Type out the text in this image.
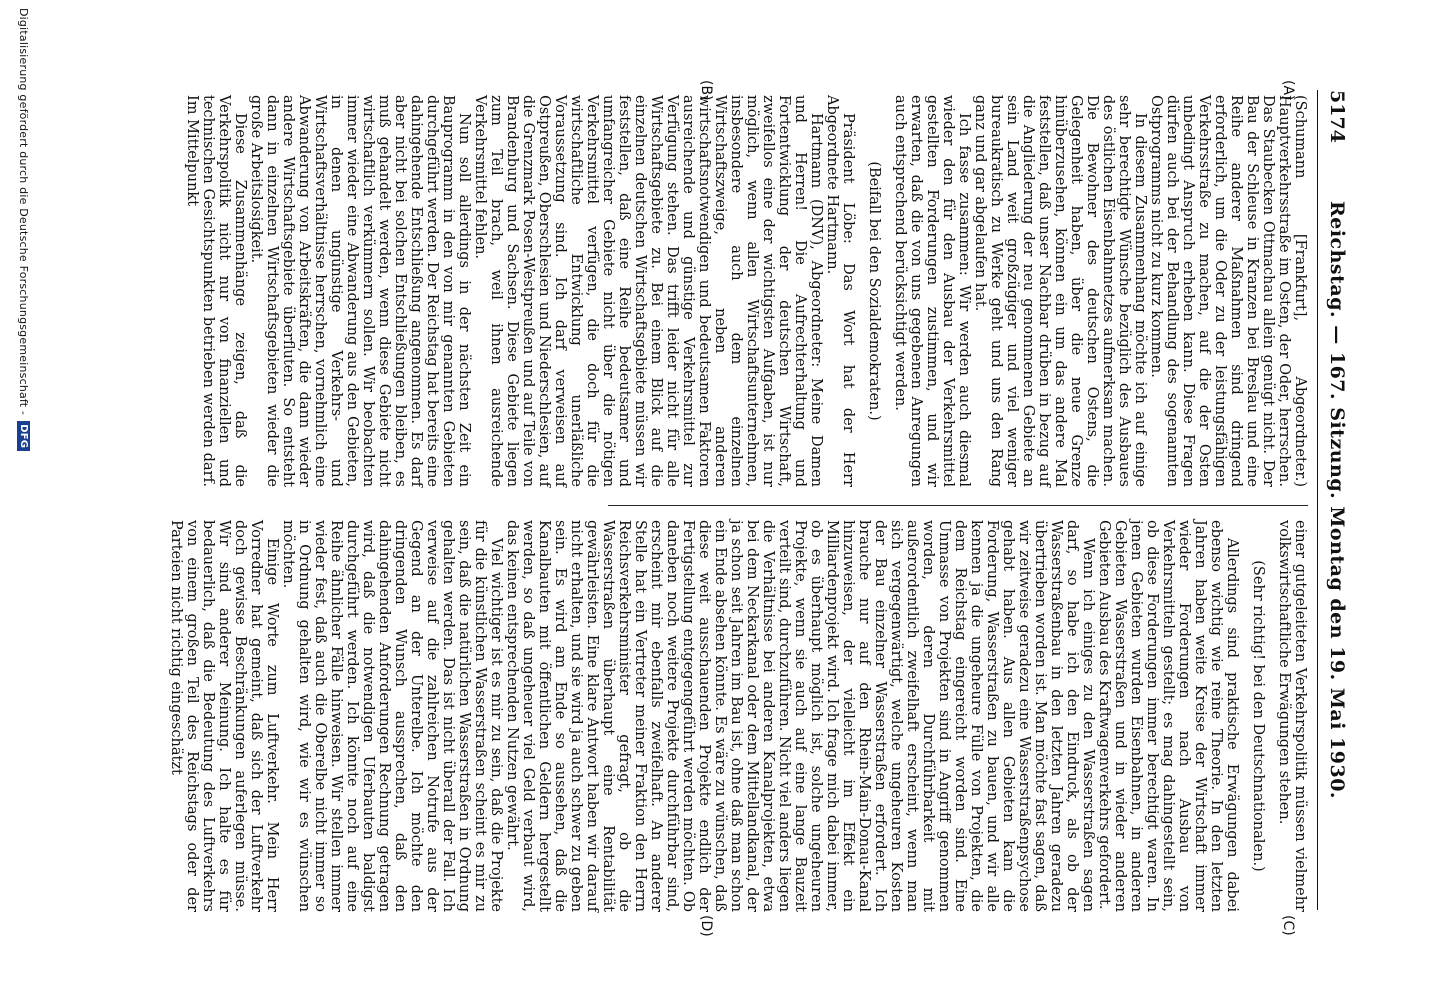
5174
Reichstag. — 167. Sitzung. Montag den 19. Mai 1930.
(A)
(B)
(C)
(D)

(Schumann [Frankfurt], Abgeordneter.) Hauptverkehrsstraße im Osten, der Oder, herrschen. Das Staubecken Ottmachau allein genügt nicht. Der Bau der Schleuse in Kranzen bei Breslau und eine Reihe anderer Maßnahmen sind dringend erforderlich, um die Oder zu der leistungsfähigen Verkehrsstraße zu machen, auf die der Osten unbedingt Anspruch erheben kann. Diese Fragen dürfen auch bei der Behandlung des sogenannten Ostprogramms nicht zu kurz kommen.

In diesem Zusammenhang möchte ich auf einige sehr berechtigte Wünsche bezüglich des Ausbaues des östlichen Eisenbahnnetzes aufmerksam machen. Die Bewohner des deutschen Ostens, die Gelegenheit haben, über die neue Grenze hinüberzusehen, können ein um das andere Mal feststellen, daß unser Nachbar drüben in bezug auf die Angliederung der neu genommenen Gebiete an sein Land weit großzügiger und viel weniger bureaukratisch zu Werke geht und uns den Rang ganz und gar abgelaufen hat.

Ich fasse zusammen: Wir werden auch diesmal wieder den für den Ausbau der Verkehrsmittel gestellten Forderungen zustimmen, und wir erwarten, daß die von uns gegebenen Anregungen auch entsprechend berücksichtigt werden.

(Beifall bei den Sozialdemokraten.)

Präsident Löbe: Das Wort hat der Herr Abgeordnete Hartmann.

Hartmann (DNV), Abgeordneter: Meine Damen und Herren! Die Aufrechterhaltung und Fortentwicklung der deutschen Wirtschaft, zweifellos eine der wichtigsten Aufgaben, ist nur möglich, wenn allen Wirtschaftsunternehmen, insbesondere auch dem einzelnen Wirtschaftszweige, neben anderen wirtschaftsnotwendigen und bedeutsamen Faktoren ausreichende und günstige Verkehrsmittel zur Verfügung stehen. Das trifft leider nicht für alle Wirtschaftsgebiete zu. Bei einem Blick auf die einzelnen deutschen Wirtschaftsgebiete müssen wir feststellen, daß eine Reihe bedeutsamer und umfangreicher Gebiete nicht über die nötigen Verkehrsmittel verfügen, die doch für die wirtschaftliche Entwicklung unerläßliche Voraussetzung sind. Ich darf verweisen auf Ostpreußen, Oberschlesien und Niederschlesien, auf die Grenzmark Posen-Westpreußen und auf Teile von Brandenburg und Sachsen. Diese Gebiete liegen zum Teil brach, weil ihnen ausreichende Verkehrsmittel fehlen.

Nun soll allerdings in der nächsten Zeit ein Bauprogramm in den von mir genannten Gebieten durchgeführt werden. Der Reichstag hat bereits eine dahingehende Entschließung angenommen. Es darf aber nicht bei solchen Entschließungen bleiben, es muß gehandelt werden, wenn diese Gebiete nicht wirtschaftlich verkümmern sollen. Wir beobachten immer wieder eine Abwanderung aus den Gebieten, in denen ungünstige Verkehrs- und Wirtschaftsverhältnisse herrschen, vornehmlich eine Abwanderung von Arbeitskräften, die dann wieder andere Wirtschaftsgebiete überfluten. So entsteht dann in einzelnen Wirtschaftsgebieten wieder die große Arbeitslosigkeit.

Diese Zusammenhänge zeigen, daß die Verkehrspolitik nicht nur von finanziellen und technischen Gesichtspunkten betrieben werden darf. Im Mittelpunkt

einer gutgeleiteten Verkehrspolitik müssen vielmehr volkswirtschaftliche Erwägungen stehen.

(Sehr richtig! bei den Deutschnationalen.)

Allerdings sind praktische Erwägungen dabei ebenso wichtig wie reine Theorie. In den letzten Jahren haben weite Kreise der Wirtschaft immer wieder Forderungen nach Ausbau von Verkehrsmitteln gestellt; es mag dahingestellt sein, ob diese Forderungen immer berechtigt waren. In jenen Gebieten wurden Eisenbahnen, in anderen Gebieten Wasserstraßen und in wieder anderen Gebieten Ausbau des Kraftwagenverkehrs gefordert.

Wenn ich einiges zu den Wasserstraßen sagen darf, so habe ich den Eindruck, als ob der Wasserstraßenbau in den letzten Jahren geradezu übertrieben worden ist. Man möchte fast sagen, daß wir zeitweise geradezu eine Wasserstraßenpsychose gehabt haben. Aus allen Gebieten kam die Forderung, Wasserstraßen zu bauen, und wir alle kennen ja die ungeheure Fülle von Projekten, die dem Reichstag eingereicht worden sind. Eine Unmasse von Projekten sind in Angriff genommen worden, deren Durchführbarkeit mit außerordentlich zweifelhaft erscheint, wenn man sich vergegenwärtigt, welche ungeheuren Kosten der Bau einzelner Wasserstraßen erfordert. Ich brauche nur auf den Rhein-Main-Donau-Kanal hinzuweisen, der vielleicht im Effekt ein Milliardenprojekt wird. Ich frage mich dabei immer, ob es überhaupt möglich ist, solche ungeheuren Projekte, wenn sie auch auf eine lange Bauzeit verteilt sind, durchzuführen. Nicht viel anders liegen die Verhältnisse bei anderen Kanalprojekten, etwa bei dem Neckarkanal oder dem Mittellandkanal, der ja schon seit Jahren im Bau ist, ohne daß man schon ein Ende absehen könnte. Es wäre zu wünschen, daß diese weit ausschauenden Projekte endlich der Fertigstellung entgegengeführt werden möchten. Ob daneben noch weitere Projekte durchführbar sind, erscheint mir ebenfalls zweifelhaft. An anderer Stelle hat ein Vertreter meiner Fraktion den Herrn Reichsverkehrsminister gefragt, ob die Wasserstraßen überhaupt eine Rentabilität gewährleisten. Eine klare Antwort haben wir darauf nicht erhalten, und sie wird ja auch schwer zu geben sein. Es wird am Ende so aussehen, daß die Kanalbauten mit öffentlichen Geldern hergestellt werden, so daß ungeheuer viel Geld verbaut wird, das keinen entsprechenden Nutzen gewährt.

Viel wichtiger ist es mir zu sein, daß die Projekte für die künstlichen Wasserstraßen scheint es mir zu sein, daß die natürlichen Wasserstraßen in Ordnung gehalten werden. Das ist nicht überall der Fall. Ich verweise auf die zahlreichen Notrufe aus der Gegend an der Unterelbe. Ich möchte den dringenden Wunsch aussprechen, daß den dahingehenden Anforderungen Rechnung getragen wird, daß die notwendigen Uferbauten baldigst durchgeführt werden. Ich könnte noch auf eine Reihe ähnlicher Fälle hinweisen. Wir stellen immer wieder fest, daß auch die Oberelbe nicht immer so in Ordnung gehalten wird, wie wir es wünschen möchten.

Einige Worte zum Luftverkehr. Mein Herr Vorredner hat gemeint, daß sich der Luftverkehr doch gewisse Beschränkungen auferlegen müsse. Wir sind anderer Meinung. Ich halte es für bedauerlich, daß die Bedeutung des Luftverkehrs von einem großen Teil des Reichstags oder der Parteien nicht richtig eingeschätzt

Digitalisierung gefördert durch die Deutsche Forschungsgemeinschaft -
DFG
